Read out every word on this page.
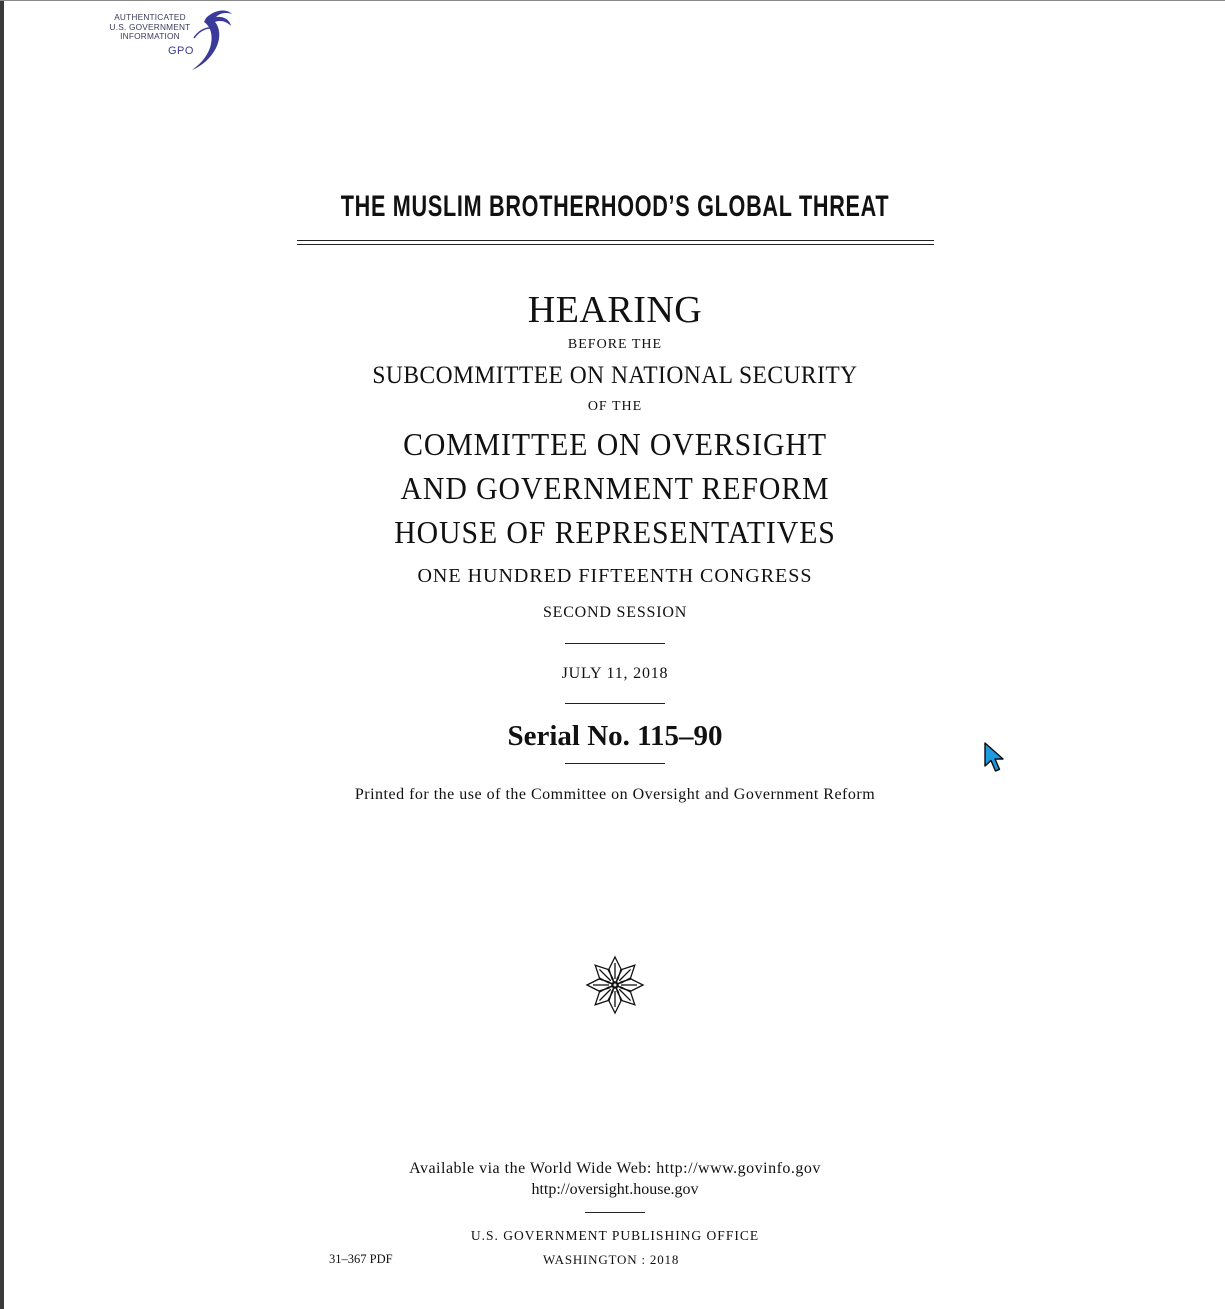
AUTHENTICATED
U.S. GOVERNMENT
INFORMATION
GPO
THE MUSLIM BROTHERHOOD’S GLOBAL THREAT
HEARING
BEFORE THE
SUBCOMMITTEE ON NATIONAL SECURITY
OF THE
COMMITTEE ON OVERSIGHT
AND GOVERNMENT REFORM
HOUSE OF REPRESENTATIVES
ONE HUNDRED FIFTEENTH CONGRESS
SECOND SESSION
JULY 11, 2018
Serial No. 115–90
Printed for the use of the Committee on Oversight and Government Reform
Available via the World Wide Web: http://www.govinfo.gov
http://oversight.house.gov
U.S. GOVERNMENT PUBLISHING OFFICE
31–367 PDF	WASHINGTON : 2018
